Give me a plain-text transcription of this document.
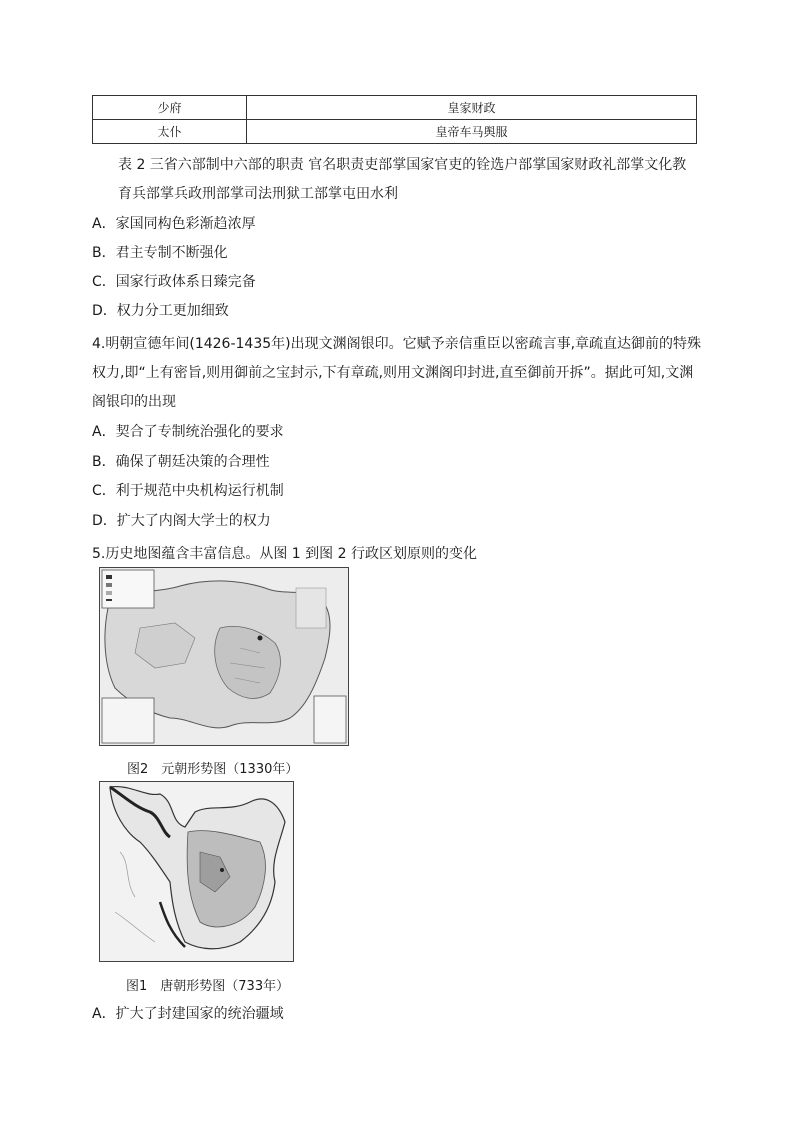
少府	皇家财政
太仆	皇帝车马舆服
表 2 三省六部制中六部的职责 官名职责吏部掌国家官吏的铨选户部掌国家财政礼部掌文化教
育兵部掌兵政刑部掌司法刑狱工部掌屯田水利
A．家国同构色彩渐趋浓厚
B．君主专制不断强化
C．国家行政体系日臻完备
D．权力分工更加细致
4.明朝宣德年间(1426-1435年)出现文渊阁银印。它赋予亲信重臣以密疏言事,章疏直达御前的特殊
权力,即“上有密旨,则用御前之宝封示,下有章疏,则用文渊阁印封进,直至御前开拆”。据此可知,文渊
阁银印的出现
A．契合了专制统治强化的要求
B．确保了朝廷决策的合理性
C．利于规范中央机构运行机制
D．扩大了内阁大学士的权力
5.历史地图蕴含丰富信息。从图 1 到图 2 行政区划原则的变化
图2　元朝形势图（1330年）
图1　唐朝形势图（733年）
A．扩大了封建国家的统治疆域
